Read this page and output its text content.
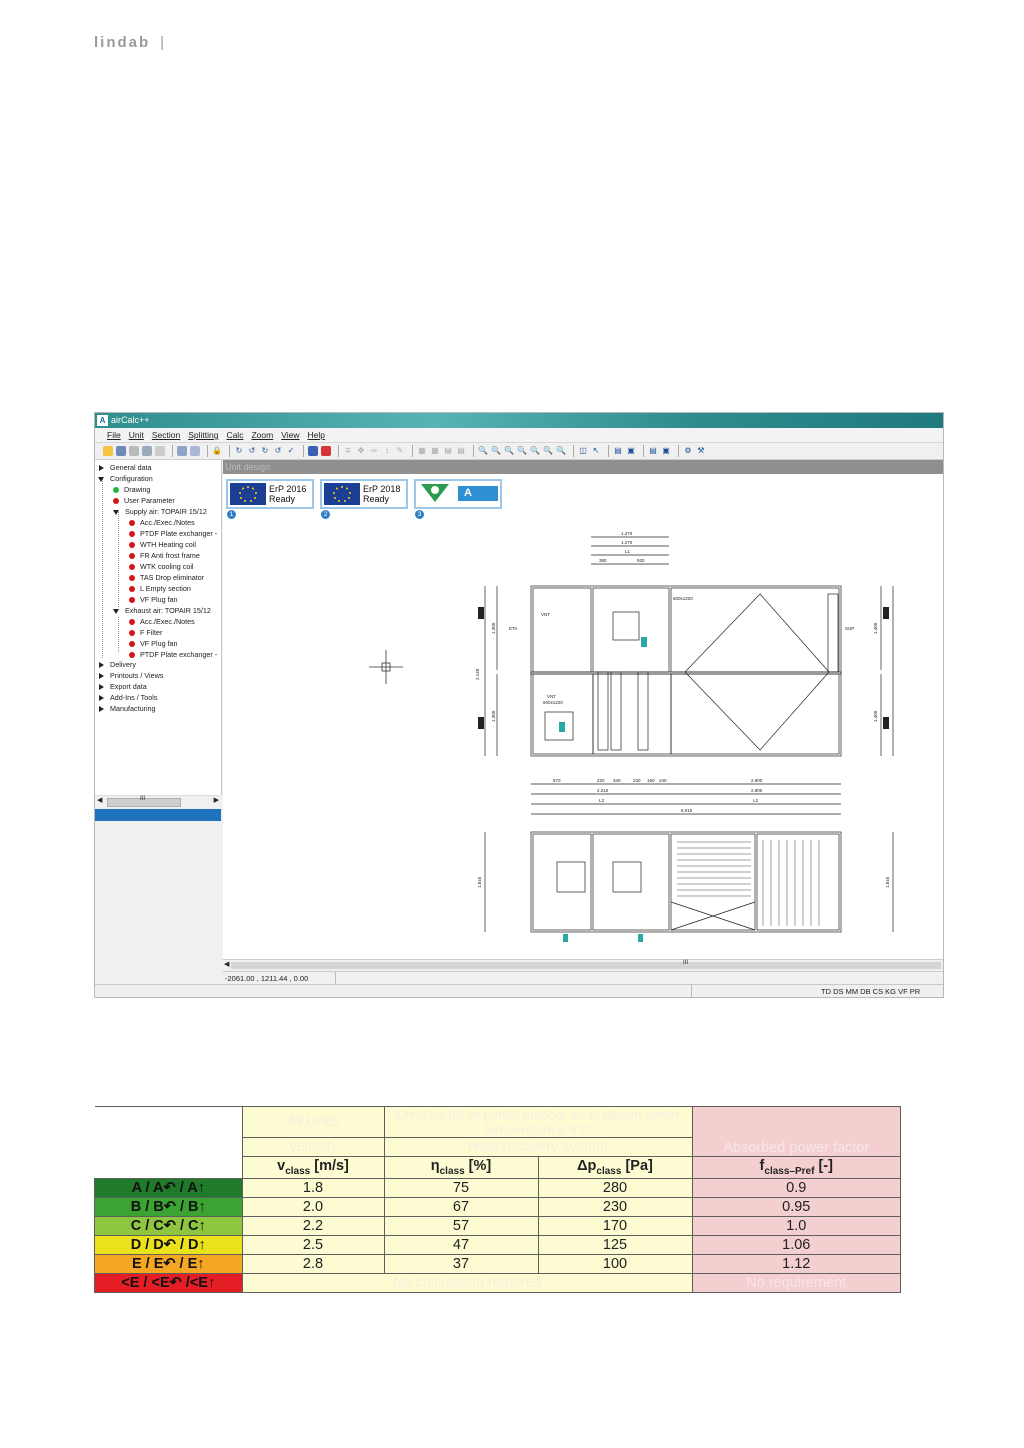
lindab |
A airCalc++
File Unit Section Splitting Calc Zoom View Help
🔒 ↻ ↺ ↻ ↺ ✓	∓ ✥ ∞	↕ ✎ ▦ ▦ ▤ ▤ 🔍 🔍 🔍 🔍 🔍 🔍 🔍 ◫ ↖ ▤ ▣ ▤ ▣ ⚙ ⚒
General data
Configuration
Drawing
User Parameter
Supply air: TOPAIR 15/12
Acc./Exec./Notes
PTDF Plate exchanger -
WTH Heating coil
FR Anti frost frame
WTK cooling coil
TAS Drop eliminator
L Empty section
VF Plug fan
Exhaust air: TOPAIR 15/12
Acc./Exec./Notes
F Filter
VF Plug fan
PTDF Plate exchanger -
Delivery
Printouts / Views
Export data
Add-Ins / Tools
Manufacturing
◀	III	▶
Unit design
ErP 2016
Ready
ErP 2018
Ready	A
1	2	3
1.270
1.270
L1
380	920
970	220 340	230 160 240	2.900
2.210	2.900
L3	L2
6.010
VNT
600x1220
VNT
600x1220
ETA	SUP
2.140
1.300
1.300
1.400
1.400
1.645	1.645
◀	III
-2061.00 , 1211.44 , 0.00
TD DS MM DB CS KG VF PR
	All Units	Units for full or partial outdoor air at design winter temperature ≤ 9°C		Absorbed power factor
	Velocity	Heat recovery system		
	$v_{class}$ [m/s]	$\eta_{class}$ [%]	$\Delta p_{class}$ [Pa]	$f_{class-Pref}$ [-]
A / A↶ / A↑	1.8	75	280	0.9
B / B↶ / B↑	2.0	67	230	0.95
C / C↶ / C↑	2.2	57	170	1.0
D / D↶ / D↑	2.5	47	125	1.06
E / E↶ / E↑	2.8	37	100	1.12
<E / <E↶ /<E↑	No calculation required			No requirement
